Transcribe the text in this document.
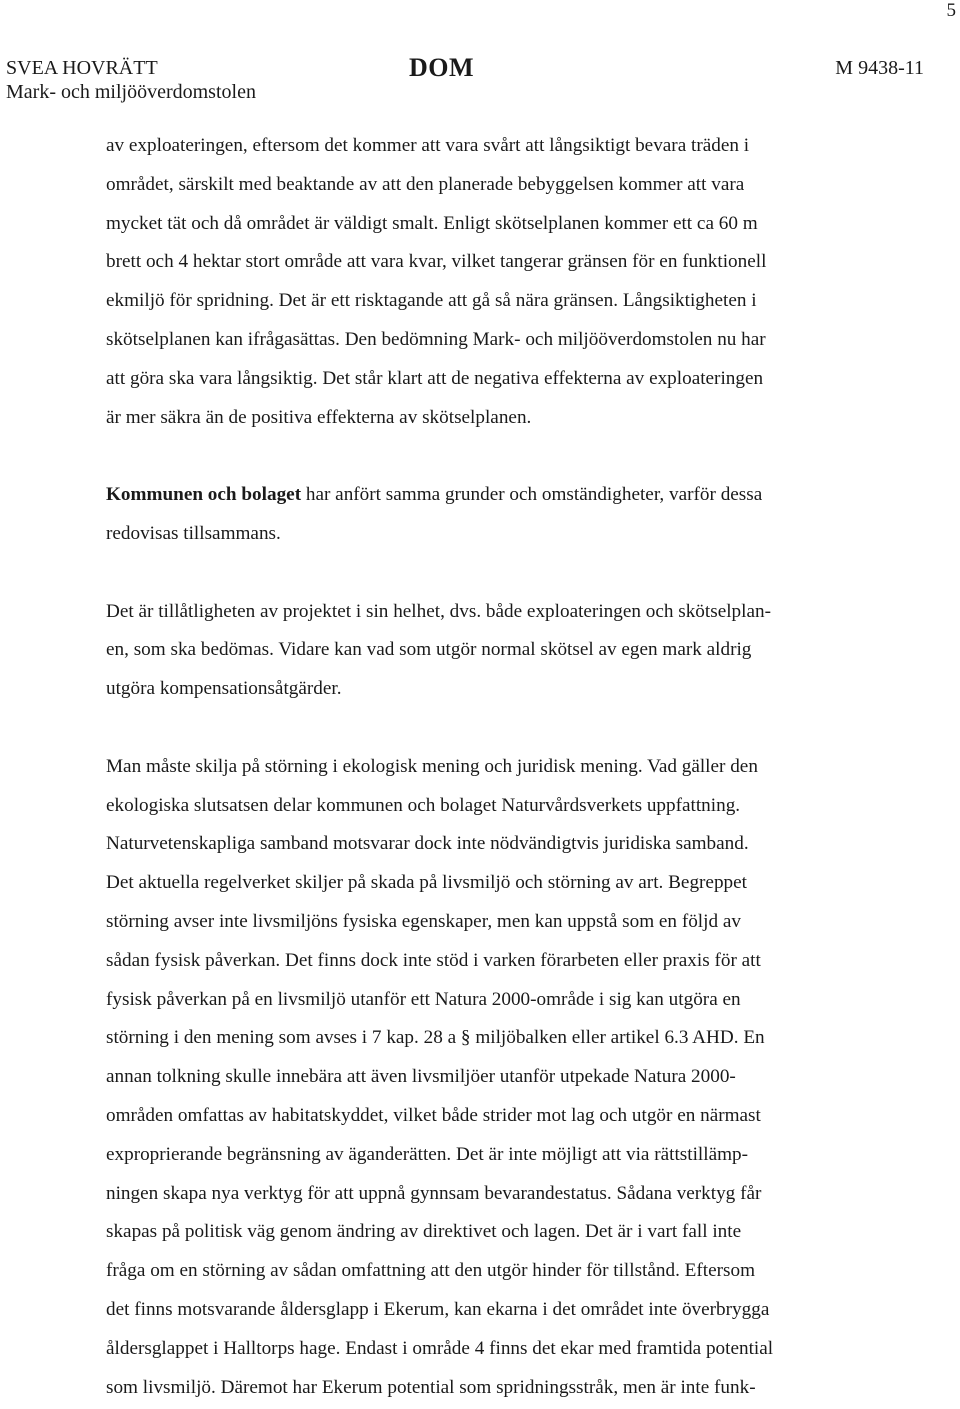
5
SVEA HOVRÄTT
Mark- och miljööverdomstolen
DOM	M 9438-11

av exploateringen, eftersom det kommer att vara svårt att långsiktigt bevara träden i
området, särskilt med beaktande av att den planerade bebyggelsen kommer att vara
mycket tät och då området är väldigt smalt. Enligt skötselplanen kommer ett ca 60 m
brett och 4 hektar stort område att vara kvar, vilket tangerar gränsen för en funktionell
ekmiljö för spridning. Det är ett risktagande att gå så nära gränsen. Långsiktigheten i
skötselplanen kan ifrågasättas. Den bedömning Mark- och miljööverdomstolen nu har
att göra ska vara långsiktig. Det står klart att de negativa effekterna av exploateringen
är mer säkra än de positiva effekterna av skötselplanen.

Kommunen och bolaget har anfört samma grunder och omständigheter, varför dessa
redovisas tillsammans.

Det är tillåtligheten av projektet i sin helhet, dvs. både exploateringen och skötselplan-
en, som ska bedömas. Vidare kan vad som utgör normal skötsel av egen mark aldrig
utgöra kompensationsåtgärder.

Man måste skilja på störning i ekologisk mening och juridisk mening. Vad gäller den
ekologiska slutsatsen delar kommunen och bolaget Naturvårdsverkets uppfattning.
Naturvetenskapliga samband motsvarar dock inte nödvändigtvis juridiska samband.
Det aktuella regelverket skiljer på skada på livsmiljö och störning av art. Begreppet
störning avser inte livsmiljöns fysiska egenskaper, men kan uppstå som en följd av
sådan fysisk påverkan. Det finns dock inte stöd i varken förarbeten eller praxis för att
fysisk påverkan på en livsmiljö utanför ett Natura 2000-område i sig kan utgöra en
störning i den mening som avses i 7 kap. 28 a § miljöbalken eller artikel 6.3 AHD. En
annan tolkning skulle innebära att även livsmiljöer utanför utpekade Natura 2000-
områden omfattas av habitatskyddet, vilket både strider mot lag och utgör en närmast
exproprierande begränsning av äganderätten. Det är inte möjligt att via rättstillämp-
ningen skapa nya verktyg för att uppnå gynnsam bevarandestatus. Sådana verktyg får
skapas på politisk väg genom ändring av direktivet och lagen. Det är i vart fall inte
fråga om en störning av sådan omfattning att den utgör hinder för tillstånd. Eftersom
det finns motsvarande åldersglapp i Ekerum, kan ekarna i det området inte överbrygga
åldersglappet i Halltorps hage. Endast i område 4 finns det ekar med framtida potential
som livsmiljö. Däremot har Ekerum potential som spridningsstråk, men är inte funk-
